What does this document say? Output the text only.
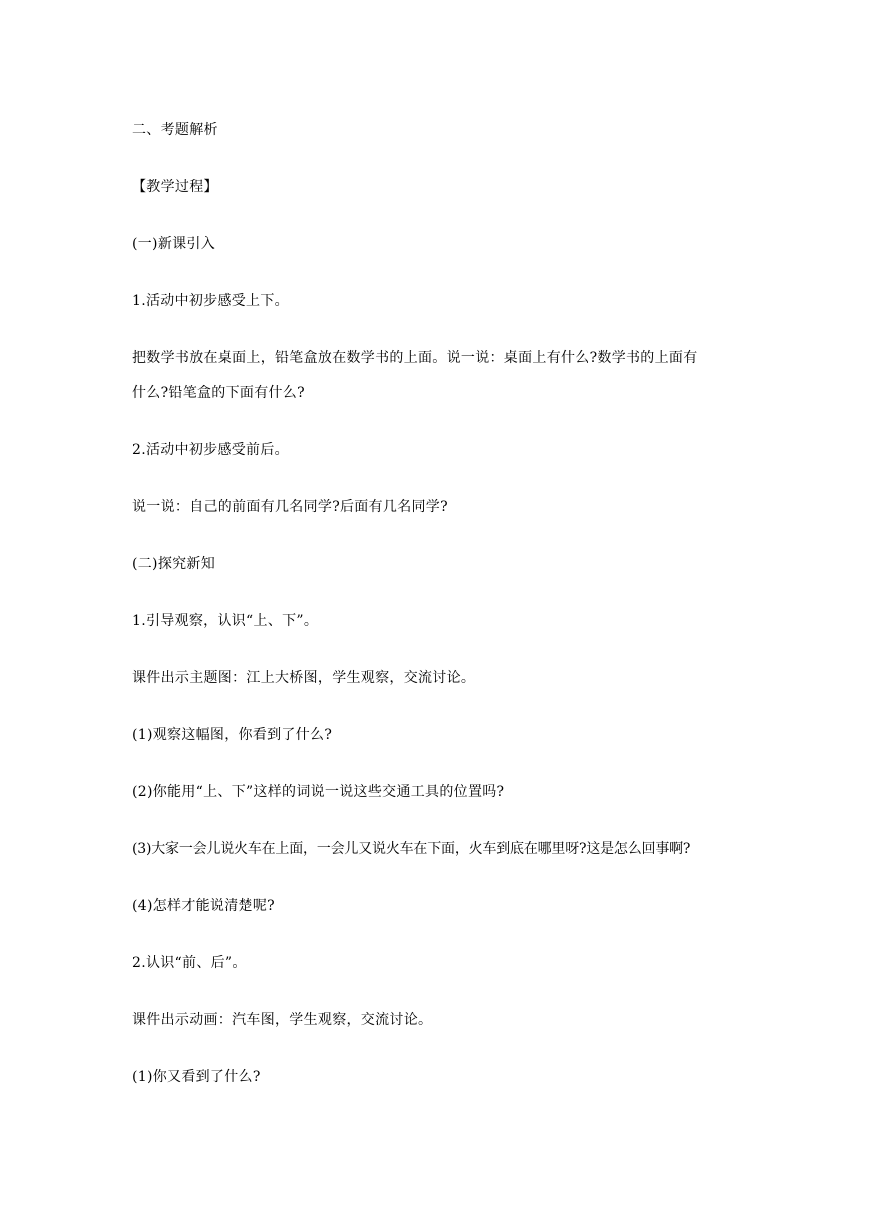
二、考题解析

【教学过程】

(一)新课引入

1.活动中初步感受上下。

把数学书放在桌面上，铅笔盒放在数学书的上面。说一说：桌面上有什么?数学书的上面有

什么?铅笔盒的下面有什么?

2.活动中初步感受前后。

说一说：自己的前面有几名同学?后面有几名同学?

(二)探究新知

1.引导观察，认识“上、下”。

课件出示主题图：江上大桥图，学生观察，交流讨论。

(1)观察这幅图，你看到了什么?

(2)你能用“上、下”这样的词说一说这些交通工具的位置吗?

(3)大家一会儿说火车在上面，一会儿又说火车在下面，火车到底在哪里呀?这是怎么回事啊?

(4)怎样才能说清楚呢?

2.认识“前、后”。

课件出示动画：汽车图，学生观察，交流讨论。

(1)你又看到了什么?
